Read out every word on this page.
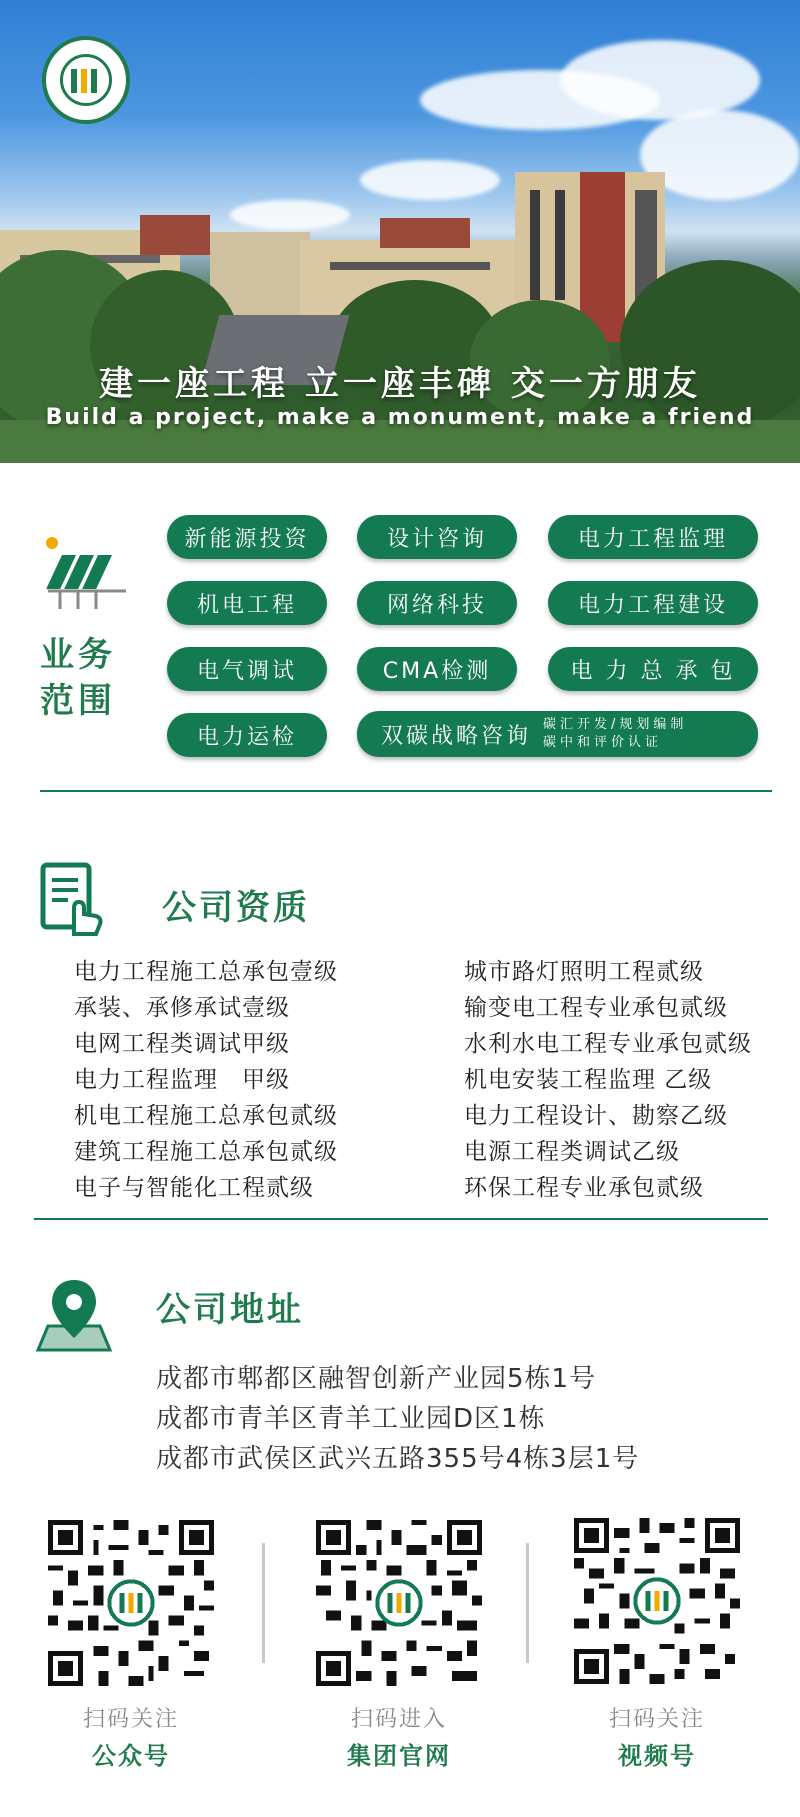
建一座工程 立一座丰碑 交一方朋友
Build a project, make a monument, make a friend
业务
范围
新能源投资	设计咨询	电力工程监理
机电工程	网络科技	电力工程建设
电气调试	CMA检测	电 力 总 承 包
电力运检	双碳战略咨询 碳汇开发/规划编制
碳中和评价认证
公司资质
电力工程施工总承包壹级
承装、承修承试壹级
电网工程类调试甲级
电力工程监理　甲级
机电工程施工总承包贰级
建筑工程施工总承包贰级
电子与智能化工程贰级
城市路灯照明工程贰级
输变电工程专业承包贰级
水利水电工程专业承包贰级
机电安装工程监理 乙级
电力工程设计、勘察乙级
电源工程类调试乙级
环保工程专业承包贰级
公司地址
成都市郫都区融智创新产业园5栋1号
成都市青羊区青羊工业园D区1栋
成都市武侯区武兴五路355号4栋3层1号
扫码关注
公众号
扫码进入
集团官网
扫码关注
视频号
